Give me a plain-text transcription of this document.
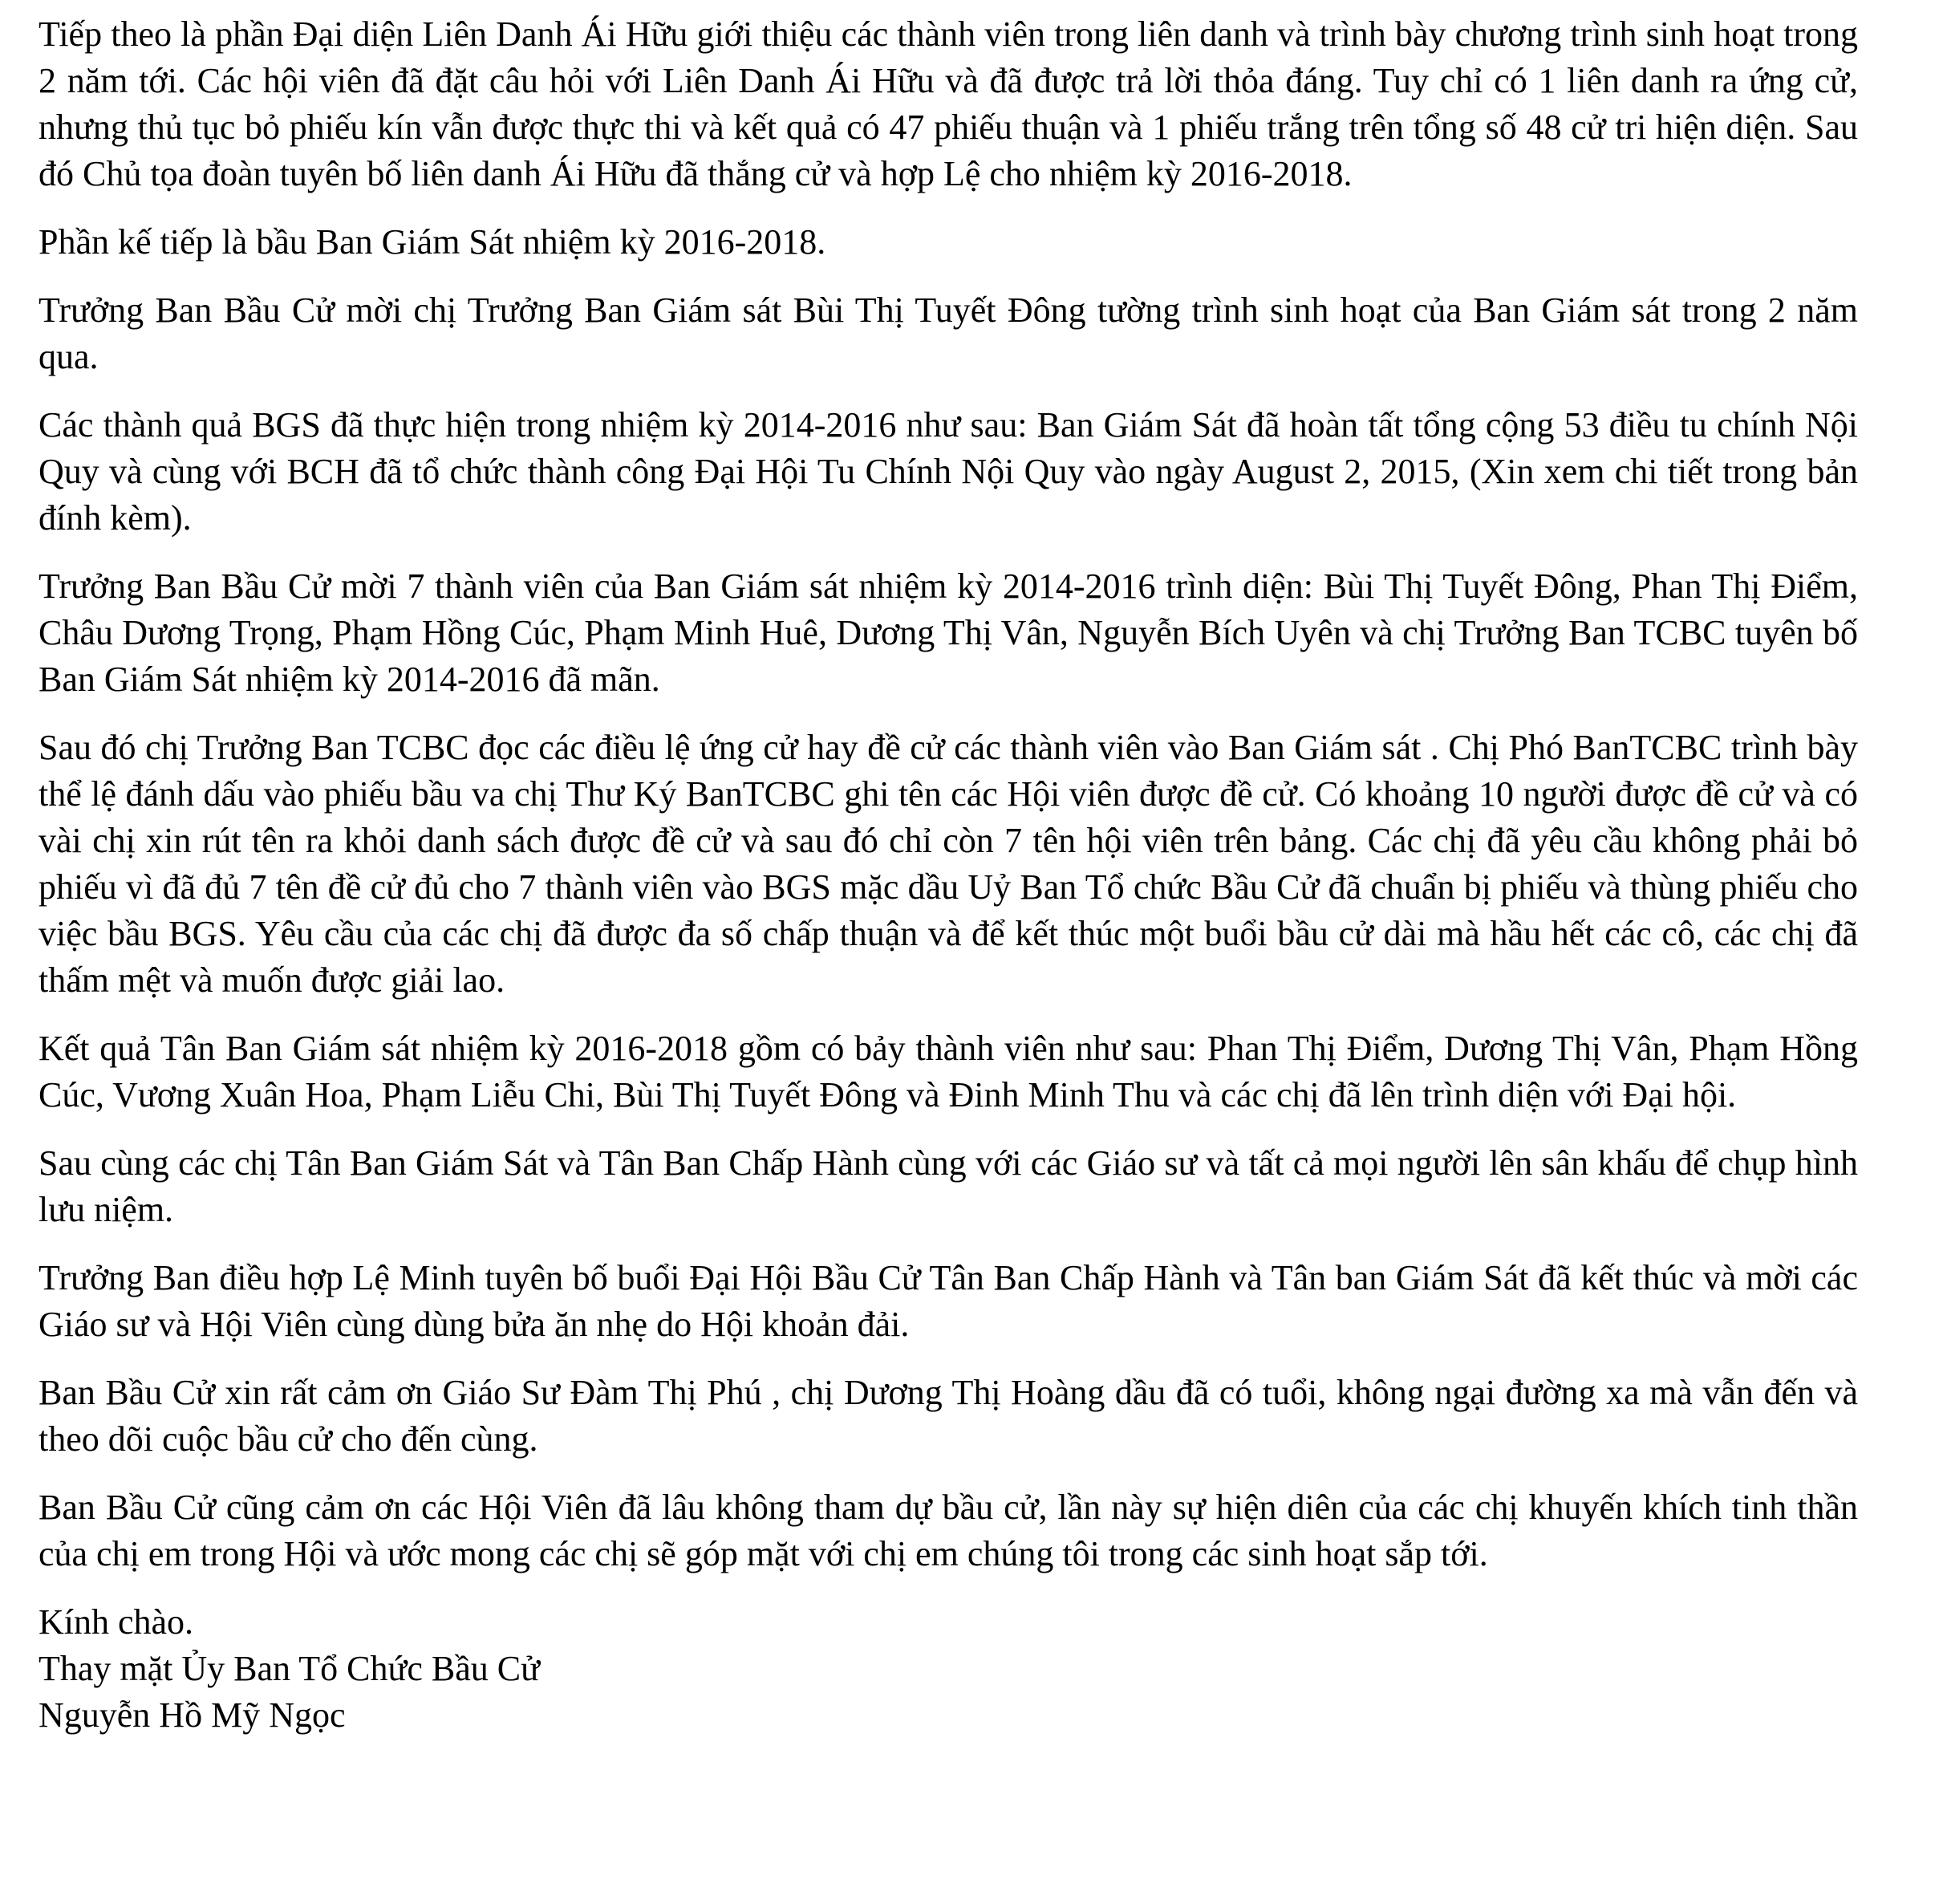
Tiếp theo là phần Đại diện Liên Danh Ái Hữu giới thiệu các thành viên trong liên danh và trình bày chương trình sinh hoạt trong 2 năm tới. Các hội viên đã đặt câu hỏi với Liên Danh Ái Hữu và đã được trả lời thỏa đáng. Tuy chỉ có 1 liên danh ra ứng cử, nhưng thủ tục bỏ phiếu kín vẫn được thực thi và kết quả có 47 phiếu thuận và 1 phiếu trắng trên tổng số 48 cử tri hiện diện. Sau đó Chủ tọa đoàn tuyên bố liên danh Ái Hữu đã thắng cử và hợp Lệ cho nhiệm kỳ 2016-2018.

Phần kế tiếp là bầu Ban Giám Sát nhiệm kỳ 2016-2018.

Trưởng Ban Bầu Cử mời chị Trưởng Ban Giám sát Bùi Thị Tuyết Đông tường trình sinh hoạt của Ban Giám sát trong 2 năm qua.

Các thành quả BGS đã thực hiện trong nhiệm kỳ 2014-2016 như sau: Ban Giám Sát đã hoàn tất tổng cộng 53 điều tu chính Nội Quy và cùng với BCH đã tổ chức thành công Đại Hội Tu Chính Nội Quy vào ngày August 2, 2015, (Xin xem chi tiết trong bản đính kèm).

Trưởng Ban Bầu Cử mời 7 thành viên của Ban Giám sát nhiệm kỳ 2014-2016 trình diện: Bùi Thị Tuyết Đông, Phan Thị Điểm, Châu Dương Trọng, Phạm Hồng Cúc, Phạm Minh Huê, Dương Thị Vân, Nguyễn Bích Uyên và chị Trưởng Ban TCBC tuyên bố Ban Giám Sát nhiệm kỳ 2014-2016 đã mãn.

Sau đó chị Trưởng Ban TCBC đọc các điều lệ ứng cử hay đề cử các thành viên vào Ban Giám sát . Chị Phó BanTCBC trình bày thể lệ đánh dấu vào phiếu bầu va chị Thư Ký BanTCBC ghi tên các Hội viên được đề cử. Có khoảng 10 người được đề cử và có vài chị xin rút tên ra khỏi danh sách được đề cử và sau đó chỉ còn 7 tên hội viên trên bảng. Các chị đã yêu cầu không phải bỏ phiếu vì đã đủ 7 tên đề cử đủ cho 7 thành viên vào BGS mặc dầu Uỷ Ban Tổ chức Bầu Cử đã chuẩn bị phiếu và thùng phiếu cho việc bầu BGS. Yêu cầu của các chị đã được đa số chấp thuận và để kết thúc một buổi bầu cử dài mà hầu hết các cô, các chị đã thấm mệt và muốn được giải lao.

Kết quả Tân Ban Giám sát nhiệm kỳ 2016-2018 gồm có bảy thành viên như sau: Phan Thị Điểm, Dương Thị Vân, Phạm Hồng Cúc, Vương Xuân Hoa, Phạm Liễu Chi, Bùi Thị Tuyết Đông và Đinh Minh Thu và các chị đã lên trình diện với Đại hội.

Sau cùng các chị Tân Ban Giám Sát và Tân Ban Chấp Hành cùng với các Giáo sư và tất cả mọi người lên sân khấu để chụp hình lưu niệm.

Trưởng Ban điều hợp Lệ Minh tuyên bố buổi Đại Hội Bầu Cử Tân Ban Chấp Hành và Tân ban Giám Sát đã kết thúc và mời các Giáo sư và Hội Viên cùng dùng bửa ăn nhẹ do Hội khoản đải.

Ban Bầu Cử xin rất cảm ơn Giáo Sư Đàm Thị Phú , chị Dương Thị Hoàng dầu đã có tuổi, không ngại đường xa mà vẫn đến và theo dõi cuộc bầu cử cho đến cùng.

Ban Bầu Cử cũng cảm ơn các Hội Viên đã lâu không tham dự bầu cử, lần này sự hiện diên của các chị khuyến khích tinh thần của chị em trong Hội và ước mong các chị sẽ góp mặt với chị em chúng tôi trong các sinh hoạt sắp tới.

Kính chào.
Thay mặt Ủy Ban Tổ Chức Bầu Cử
Nguyễn Hồ Mỹ Ngọc
